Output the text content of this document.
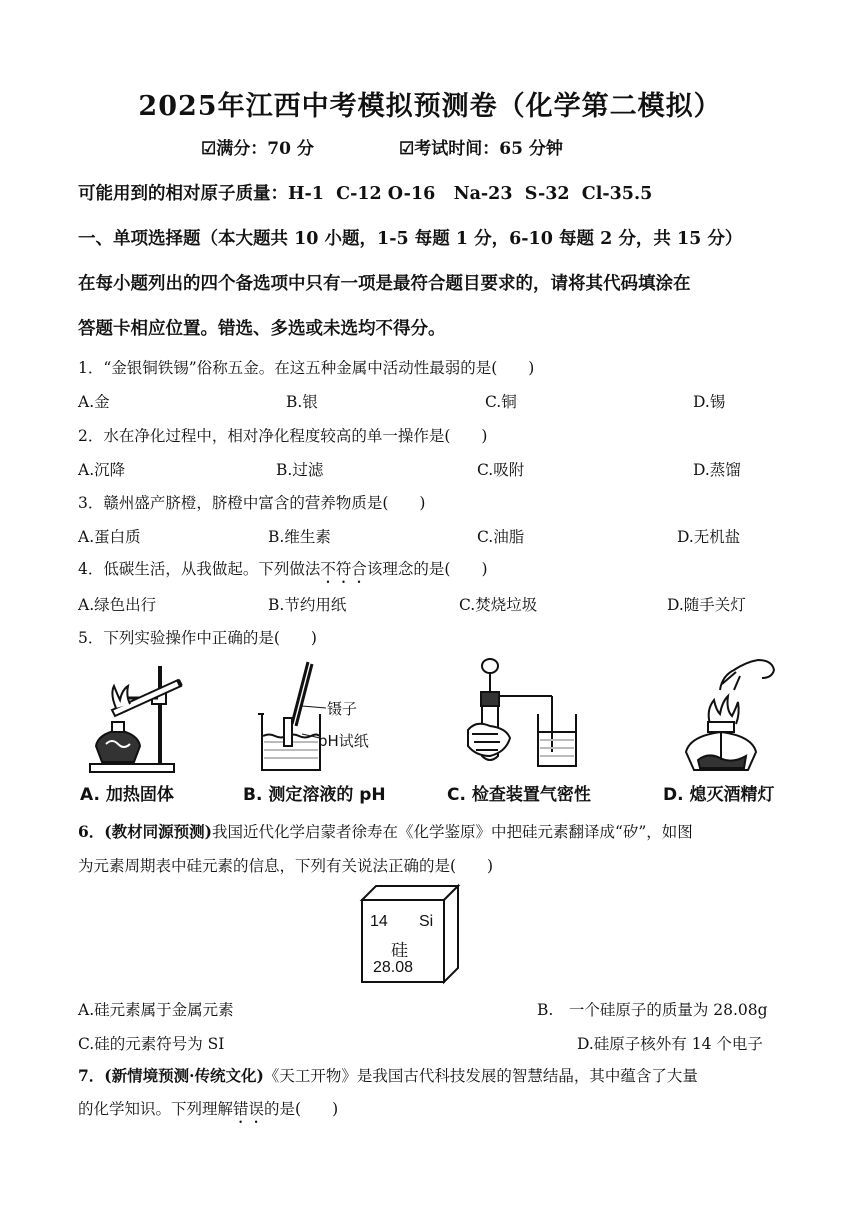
2025年江西中考模拟预测卷（化学第二模拟）
☑满分：70 分	☑考试时间：65 分钟
可能用到的相对原子质量：H-1  C-12 O-16   Na-23  S-32  Cl-35.5
一、单项选择题（本大题共 10 小题，1-5 每题 1 分，6-10 每题 2 分，共 15 分）
在每小题列出的四个备选项中只有一项是最符合题目要求的，请将其代码填涂在
答题卡相应位置。错选、多选或未选均不得分。
1．“金银铜铁锡”俗称五金。在这五种金属中活动性最弱的是(　　)
A.金	B.银	C.铜	D.锡
2．水在净化过程中，相对净化程度较高的单一操作是(　　)
A.沉降	B.过滤	C.吸附	D.蒸馏
3．赣州盛产脐橙，脐橙中富含的营养物质是(　　)
A.蛋白质	B.维生素	C.油脂	D.无机盐
4．低碳生活，从我做起。下列做法不符合该理念的是(　　)
A.绿色出行	B.节约用纸	C.焚烧垃圾	D.随手关灯
5．下列实验操作中正确的是(　　)
A. 加热固体
镊子
pH试纸
B. 测定溶液的 pH	C. 检查装置气密性	D. 熄灭酒精灯
6．(教材同源预测)我国近代化学启蒙者徐寿在《化学鉴原》中把硅元素翻译成“矽”，如图
为元素周期表中硅元素的信息，下列有关说法正确的是(　　)
14 Si
硅
28.08
A.硅元素属于金属元素	B.　一个硅原子的质量为 28.08g
C.硅的元素符号为 SI	D.硅原子核外有 14 个电子
7．(新情境预测·传统文化)《天工开物》是我国古代科技发展的智慧结晶，其中蕴含了大量
的化学知识。下列理解错误的是(　　)
